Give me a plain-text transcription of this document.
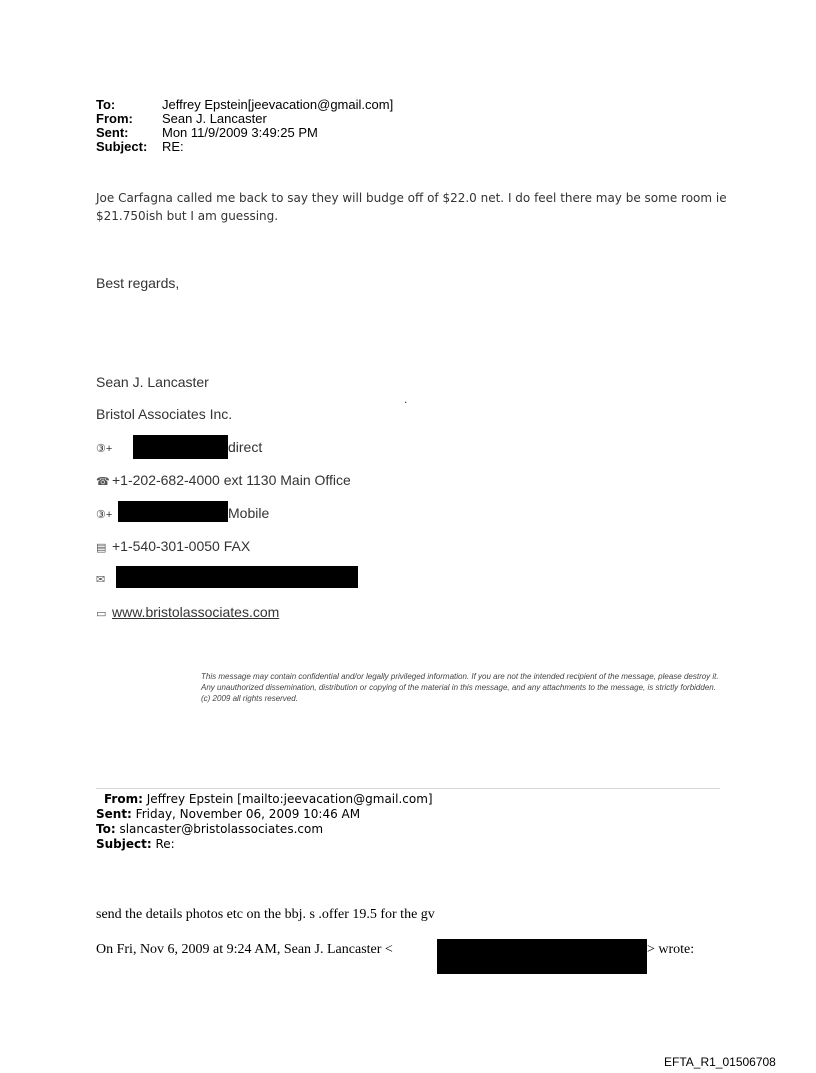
To:	Jeffrey Epstein[jeevacation@gmail.com]
From: Sean J. Lancaster
Sent:	Mon 11/9/2009 3:49:25 PM
Subject: RE:
Joe Carfagna called me back to say they will budge off of $22.0 net. I do feel there may be some room ie
$21.750ish but I am guessing.
Best regards,
Sean J. Lancaster
Bristol Associates Inc.
.
③+	direct
☎ +1-202-682-4000 ext 1130 Main Office
③+	Mobile
▤ +1-540-301-0050 FAX
✉
▭ www.bristolassociates.com
This message may contain confidential and/or legally privileged information. If you are not the intended recipient of the message, please destroy it. Any unauthorized dissemination, distribution or copying of the material in this message, and any attachments to the message, is strictly forbidden. (c) 2009 all rights reserved.
From: Jeffrey Epstein [mailto:jeevacation@gmail.com]
Sent: Friday, November 06, 2009 10:46 AM
To: slancaster@bristolassociates.com
Subject: Re:
send the details photos etc on the bbj. s .offer 19.5 for the gv
On Fri, Nov 6, 2009 at 9:24 AM, Sean J. Lancaster <	> wrote:
EFTA_R1_01506708
